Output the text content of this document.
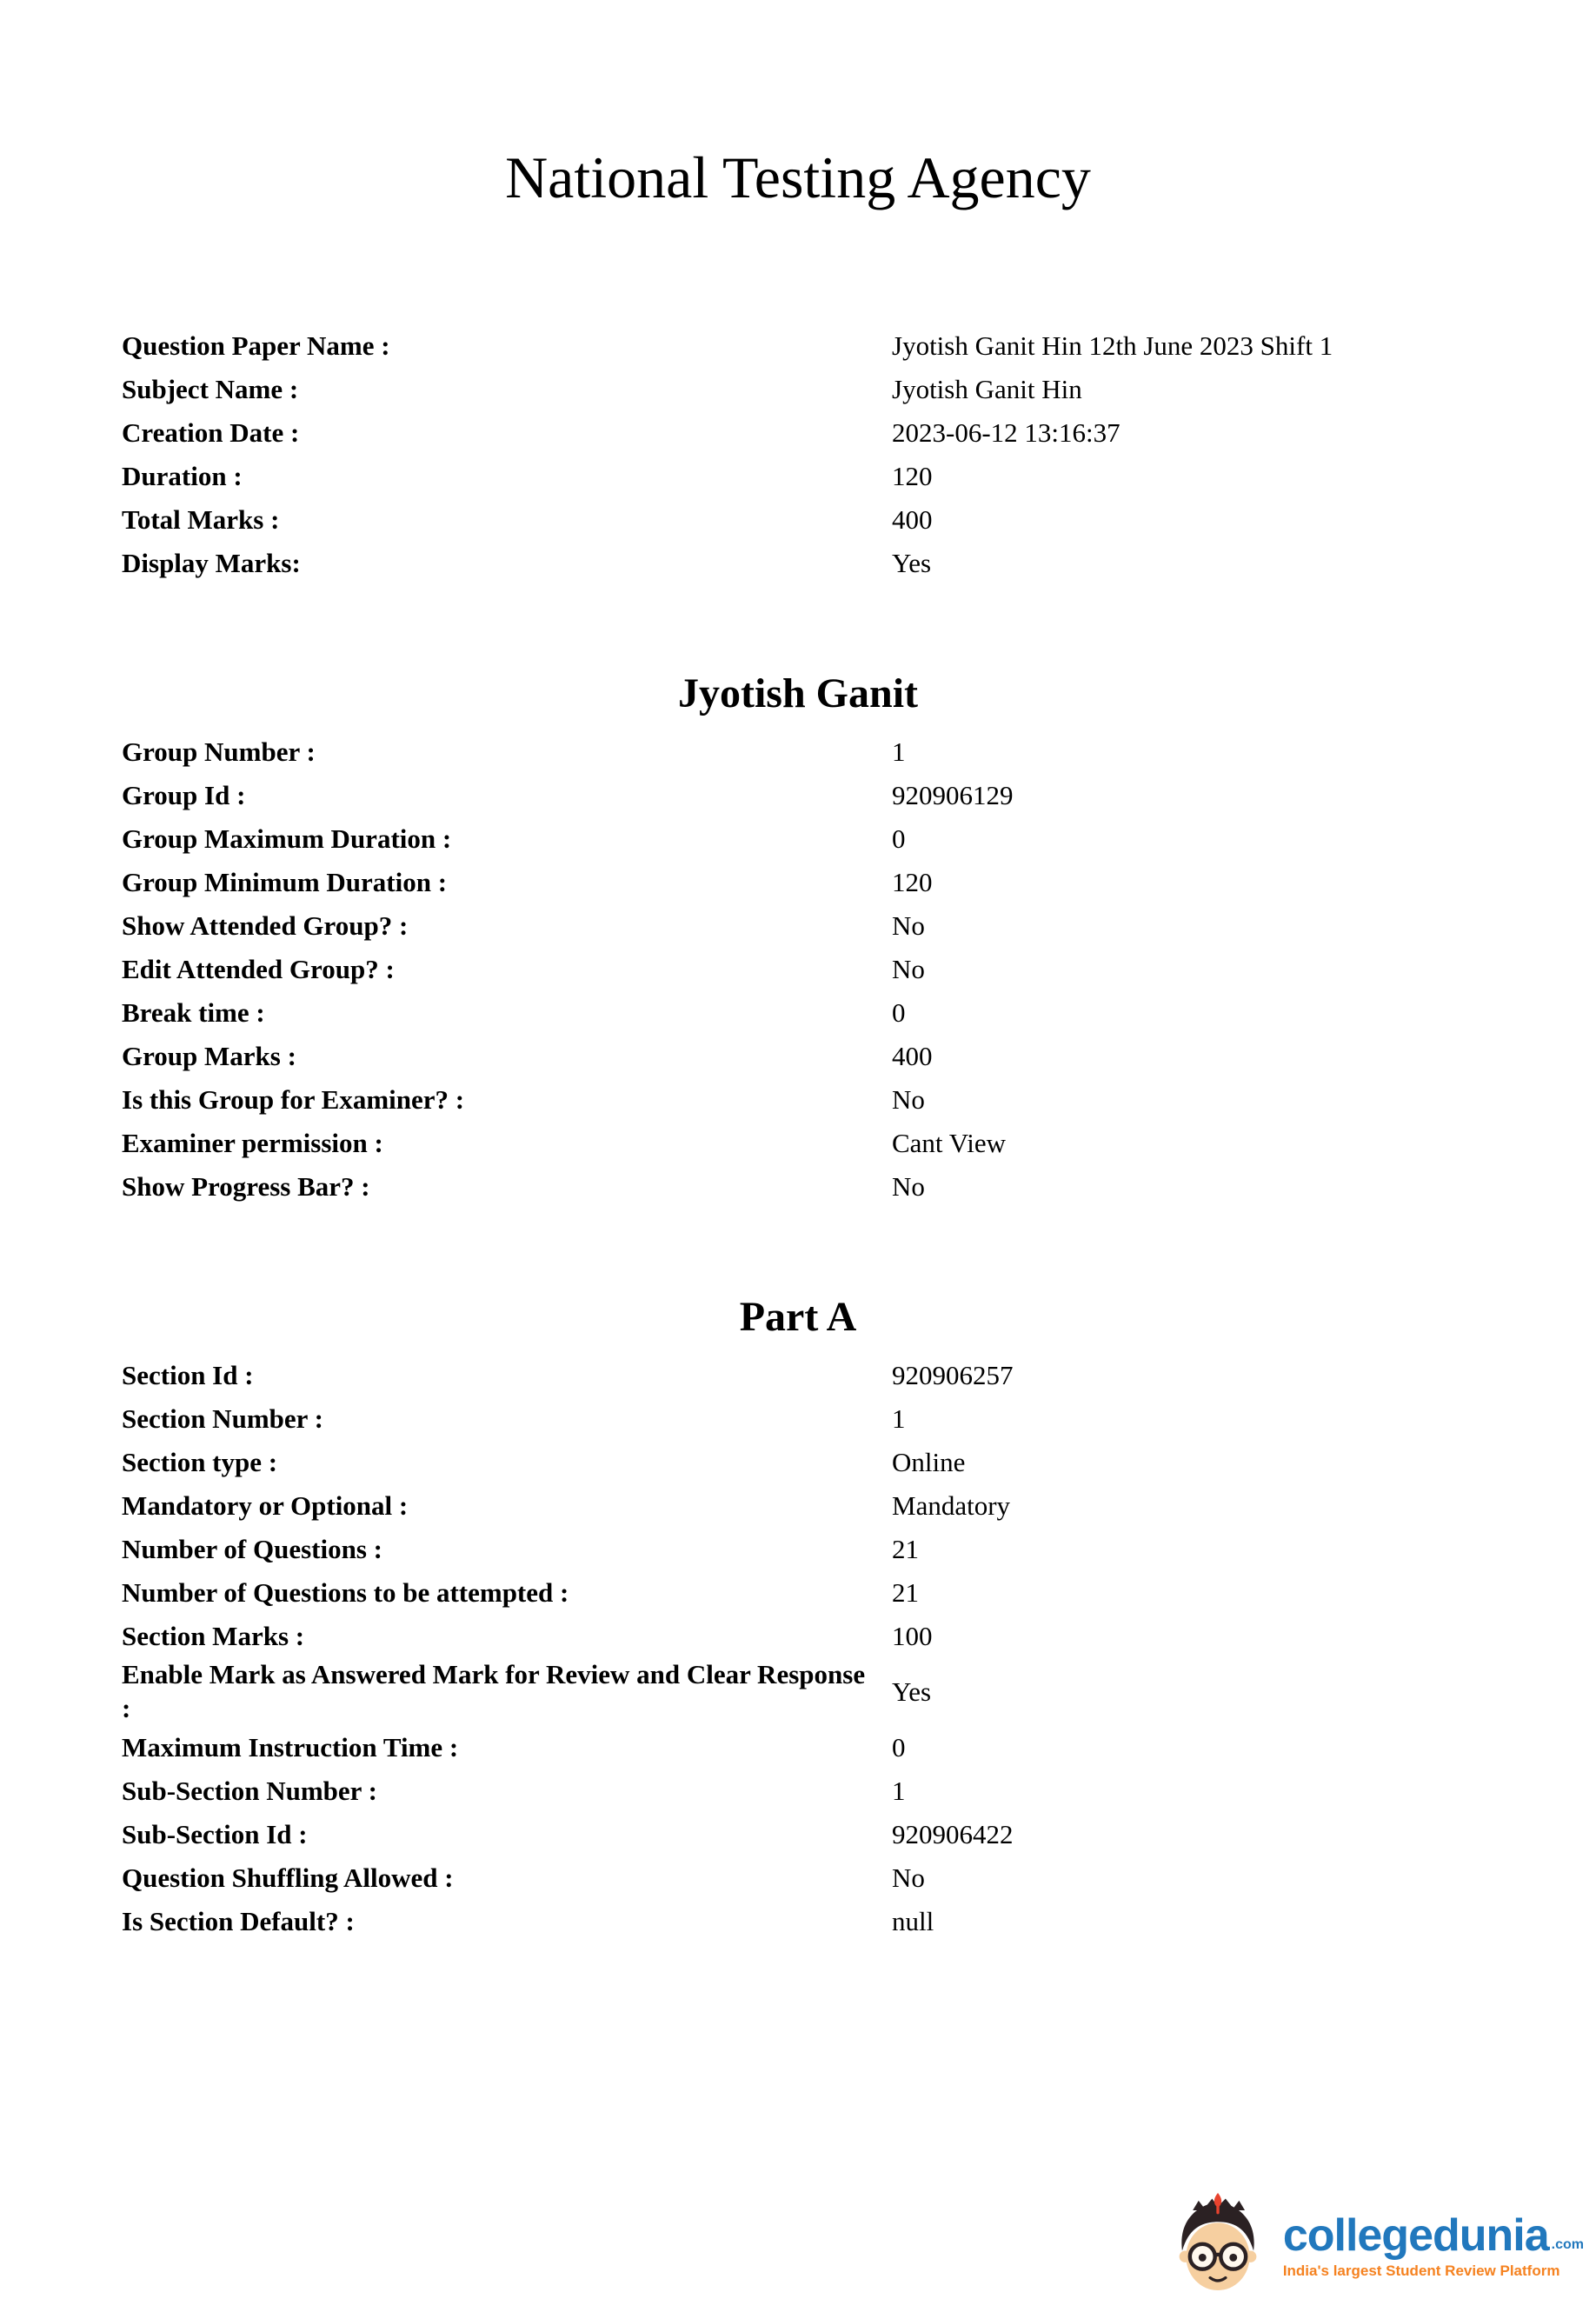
National Testing Agency
Question Paper Name :	Jyotish Ganit Hin 12th June 2023 Shift 1
Subject Name :	Jyotish Ganit Hin
Creation Date :	2023-06-12 13:16:37
Duration :	120
Total Marks :	400
Display Marks:	Yes
Jyotish Ganit
Group Number :	1
Group Id :	920906129
Group Maximum Duration :	0
Group Minimum Duration :	120
Show Attended Group? :	No
Edit Attended Group? :	No
Break time :	0
Group Marks :	400
Is this Group for Examiner? :	No
Examiner permission :	Cant View
Show Progress Bar? :	No
Part A
Section Id :	920906257
Section Number :	1
Section type :	Online
Mandatory or Optional :	Mandatory
Number of Questions :	21
Number of Questions to be attempted :	21
Section Marks :	100
Enable Mark as Answered Mark for Review and Clear Response :
Yes
Maximum Instruction Time :	0
Sub-Section Number :	1
Sub-Section Id :	920906422
Question Shuffling Allowed :	No
Is Section Default? :	null
collegedunia .com
India's largest Student Review Platform
